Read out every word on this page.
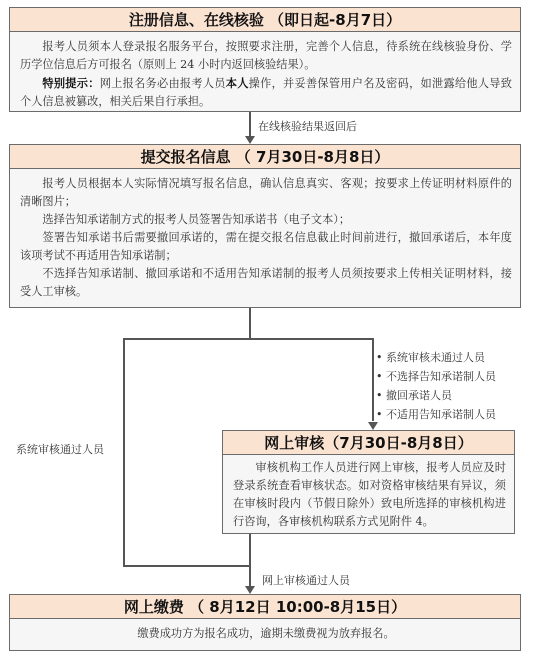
注册信息、在线核验 （即日起-8月7日）

报考人员须本人登录报名服务平台，按照要求注册，完善个人信息，待系统在线核验身份、学历学位信息后方可报名（原则上 24 小时内返回核验结果）。

特别提示：网上报名务必由报考人员本人操作，并妥善保管用户名及密码，如泄露给他人导致个人信息被篡改，相关后果自行承担。

在线核验结果返回后
提交报名信息 （ 7月30日-8月8日）

报考人员根据本人实际情况填写报名信息，确认信息真实、客观；按要求上传证明材料原件的清晰图片；

选择告知承诺制方式的报考人员签署告知承诺书（电子文本）；

签署告知承诺书后需要撤回承诺的，需在提交报名信息截止时间前进行，撤回承诺后，本年度该项考试不再适用告知承诺制；

不选择告知承诺制、撤回承诺和不适用告知承诺制的报考人员须按要求上传相关证明材料，接受人工审核。

系统审核通过人员
• 系统审核未通过人员
• 不选择告知承诺制人员
• 撤回承诺人员
• 不适用告知承诺制人员
网上审核（7月30日-8月8日）

审核机构工作人员进行网上审核，报考人员应及时登录系统查看审核状态。如对资格审核结果有异议，须在审核时段内（节假日除外）致电所选择的审核机构进行咨询，各审核机构联系方式见附件 4。

网上审核通过人员
网上缴费 （ 8月12日 10:00-8月15日）

缴费成功方为报名成功，逾期未缴费视为放弃报名。
